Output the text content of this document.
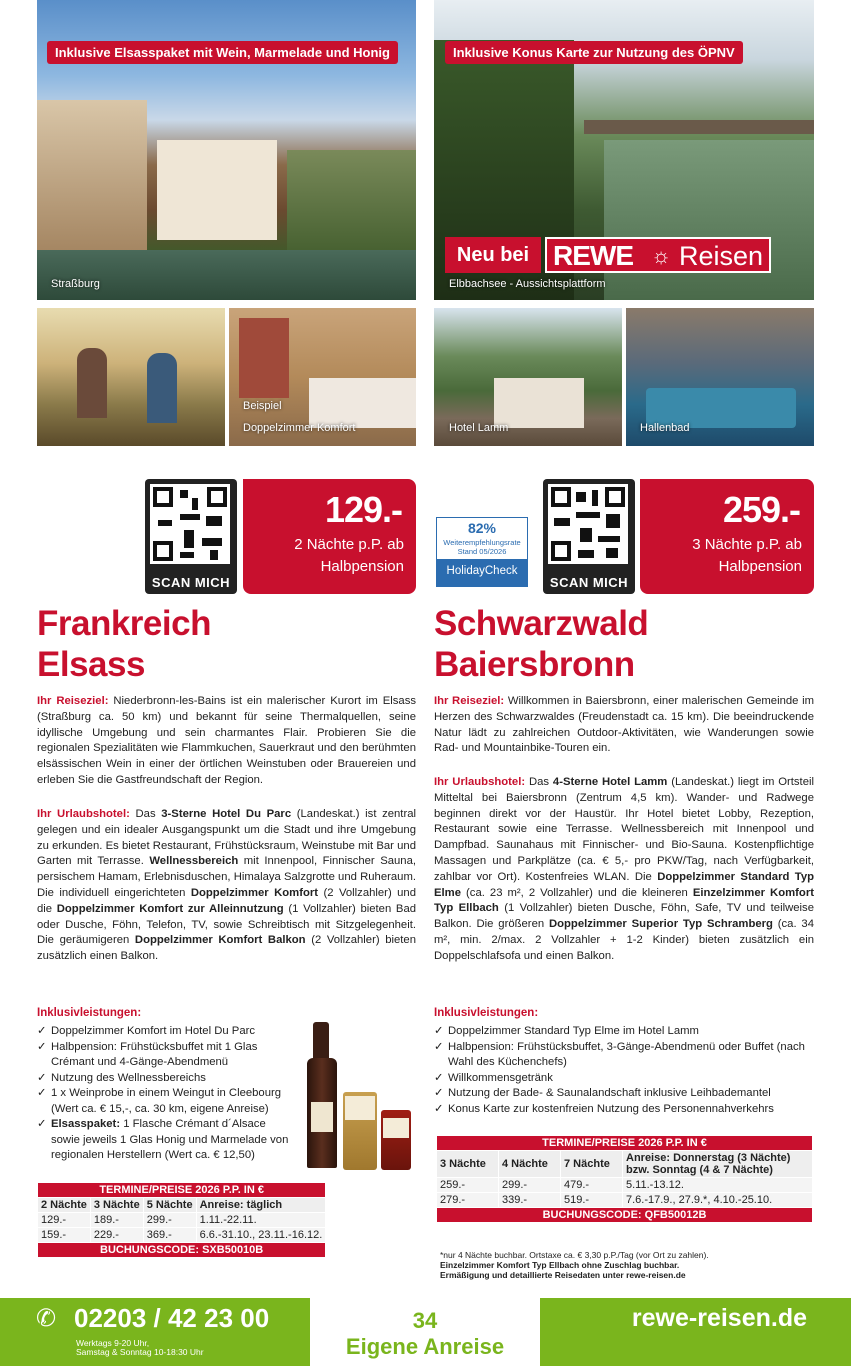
Inklusive Elsasspaket mit Wein, Marmelade und Honig
Straßburg
Beispiel
Doppelzimmer Komfort
Inklusive Konus Karte zur Nutzung des ÖPNV
Neu bei REWE ☼ Reisen
Elbbachsee - Aussichtsplattform
Hotel Lamm	Hallenbad
SCAN MICH
129.-
2 Nächte p.P. ab
Halbpension
82%
Weiterempfehlungsrate
Stand 05/2026
HolidayCheck
SCAN MICH
259.-
3 Nächte p.P. ab
Halbpension
Frankreich
Elsass
Schwarzwald
Baiersbronn
Ihr Reiseziel: Niederbronn-les-Bains ist ein malerischer Kurort im Elsass (Straßburg ca. 50 km) und bekannt für seine Thermalquellen, seine idyllische Umgebung und sein charmantes Flair. Probieren Sie die regionalen Spezialitäten wie Flammkuchen, Sauerkraut und den berühmten elsässischen Wein in einer der örtlichen Weinstuben oder Brauereien und erleben Sie die Gastfreundschaft der Region.
Ihr Urlaubshotel: Das 3-Sterne Hotel Du Parc (Landeskat.) ist zentral gelegen und ein idealer Ausgangspunkt um die Stadt und ihre Umgebung zu erkunden. Es bietet Restaurant, Frühstücksraum, Weinstube mit Bar und Garten mit Terrasse. Wellnessbereich mit Innenpool, Finnischer Sauna, persischem Hamam, Erlebnisduschen, Himalaya Salzgrotte und Ruheraum. Die individuell eingerichteten Doppelzimmer Komfort (2 Vollzahler) und die Doppelzimmer Komfort zur Alleinnutzung (1 Vollzahler) bieten Bad oder Dusche, Föhn, Telefon, TV, sowie Schreibtisch mit Sitzgelegenheit. Die geräumigeren Doppelzimmer Komfort Balkon (2 Vollzahler) bieten zusätzlich einen Balkon.
Ihr Reiseziel: Willkommen in Baiersbronn, einer malerischen Gemeinde im Herzen des Schwarzwaldes (Freudenstadt ca. 15 km). Die beeindruckende Natur lädt zu zahlreichen Outdoor-Aktivitäten, wie Wanderungen sowie Rad- und Mountainbike-Touren ein.
Ihr Urlaubshotel: Das 4-Sterne Hotel Lamm (Landeskat.) liegt im Ortsteil Mitteltal bei Baiersbronn (Zentrum 4,5 km). Wander- und Radwege beginnen direkt vor der Haustür. Ihr Hotel bietet Lobby, Rezeption, Restaurant sowie eine Terrasse. Wellnessbereich mit Innenpool und Dampfbad. Saunahaus mit Finnischer- und Bio-Sauna. Kostenpflichtige Massagen und Parkplätze (ca. € 5,- pro PKW/Tag, nach Verfügbarkeit, zahlbar vor Ort). Kostenfreies WLAN. Die Doppelzimmer Standard Typ Elme (ca. 23 m², 2 Vollzahler) und die kleineren Einzelzimmer Komfort Typ Ellbach (1 Vollzahler) bieten Dusche, Föhn, Safe, TV und teilweise Balkon. Die größeren Doppelzimmer Superior Typ Schramberg (ca. 34 m², min. 2/max. 2 Vollzahler + 1-2 Kinder) bieten zusätzlich ein Doppelschlafsofa und einen Balkon.
Inklusivleistungen:
✓ Doppelzimmer Komfort im Hotel Du Parc
✓ Halbpension: Frühstücksbuffet mit 1 Glas Crémant und 4-Gänge-Abendmenü
✓ Nutzung des Wellnessbereichs
✓ 1 x Weinprobe in einem Weingut in Cleebourg (Wert ca. € 15,-, ca. 30 km, eigene Anreise)
✓ Elsasspaket: 1 Flasche Crémant d´Alsace sowie jeweils 1 Glas Honig und Marmelade von regionalen Herstellern (Wert ca. € 12,50)
TERMINE/PREISE 2026 P.P. IN €			
2 Nächte	3 Nächte	5 Nächte	Anreise: täglich
129.-	189.-	299.-	1.11.-22.11.
159.-	229.-	369.-	6.6.-31.10., 23.11.-16.12.
BUCHUNGSCODE: SXB50010B			
Inklusivleistungen:
✓ Doppelzimmer Standard Typ Elme im Hotel Lamm
✓ Halbpension: Frühstücksbuffet, 3-Gänge-Abendmenü oder Buffet (nach Wahl des Küchenchefs)
✓ Willkommensgetränk
✓ Nutzung der Bade- & Saunalandschaft inklusive Leihbademantel
✓ Konus Karte zur kostenfreien Nutzung des Personennahverkehrs
TERMINE/PREISE 2026 P.P. IN €			
3 Nächte	4 Nächte	7 Nächte	Anreise: Donnerstag (3 Nächte) bzw. Sonntag (4 & 7 Nächte)
259.-	299.-	479.-	5.11.-13.12.
279.-	339.-	519.-	7.6.-17.9., 27.9.*, 4.10.-25.10.
BUCHUNGSCODE: QFB50012B			
*nur 4 Nächte buchbar. Ortstaxe ca. € 3,30 p.P./Tag (vor Ort zu zahlen).
Einzelzimmer Komfort Typ Ellbach ohne Zuschlag buchbar.
Ermäßigung und detaillierte Reisedaten unter rewe-reisen.de
✆ 02203 / 42 23 00
Werktags 9-20 Uhr,
Samstag & Sonntag 10-18:30 Uhr
34
Eigene Anreise
rewe-reisen.de
